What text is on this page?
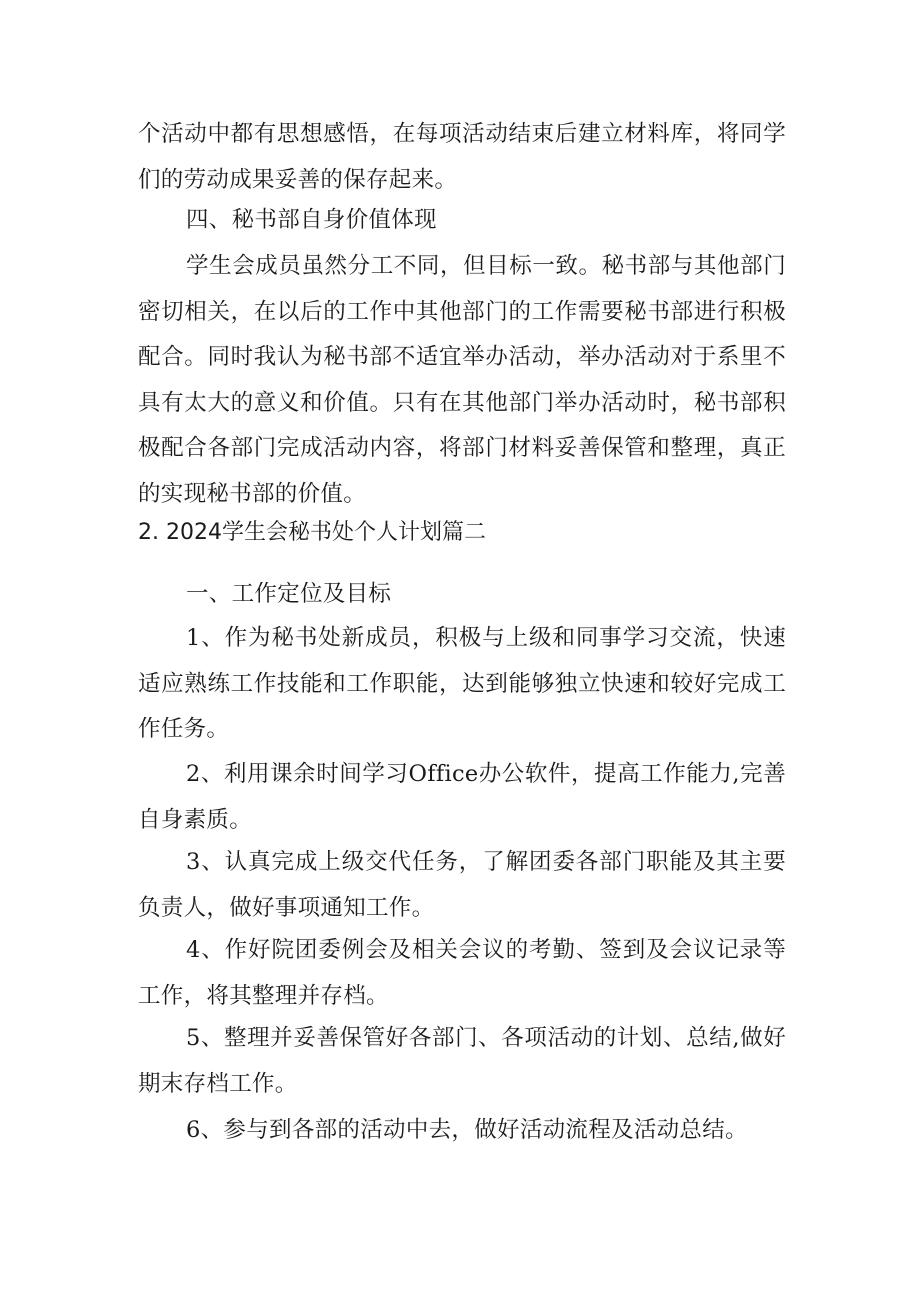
个活动中都有思想感悟，在每项活动结束后建立材料库，将同学们的劳动成果妥善的保存起来。

四、秘书部自身价值体现

学生会成员虽然分工不同，但目标一致。秘书部与其他部门密切相关，在以后的工作中其他部门的工作需要秘书部进行积极配合。同时我认为秘书部不适宜举办活动，举办活动对于系里不具有太大的意义和价值。只有在其他部门举办活动时，秘书部积极配合各部门完成活动内容，将部门材料妥善保管和整理，真正的实现秘书部的价值。

2. 2024学生会秘书处个人计划篇二

一、工作定位及目标

1、作为秘书处新成员，积极与上级和同事学习交流，快速适应熟练工作技能和工作职能，达到能够独立快速和较好完成工作任务。

2、利用课余时间学习Office办公软件，提高工作能力,完善自身素质。

3、认真完成上级交代任务，了解团委各部门职能及其主要负责人，做好事项通知工作。

4、作好院团委例会及相关会议的考勤、签到及会议记录等工作，将其整理并存档。

5、整理并妥善保管好各部门、各项活动的计划、总结,做好期末存档工作。

6、参与到各部的活动中去，做好活动流程及活动总结。
